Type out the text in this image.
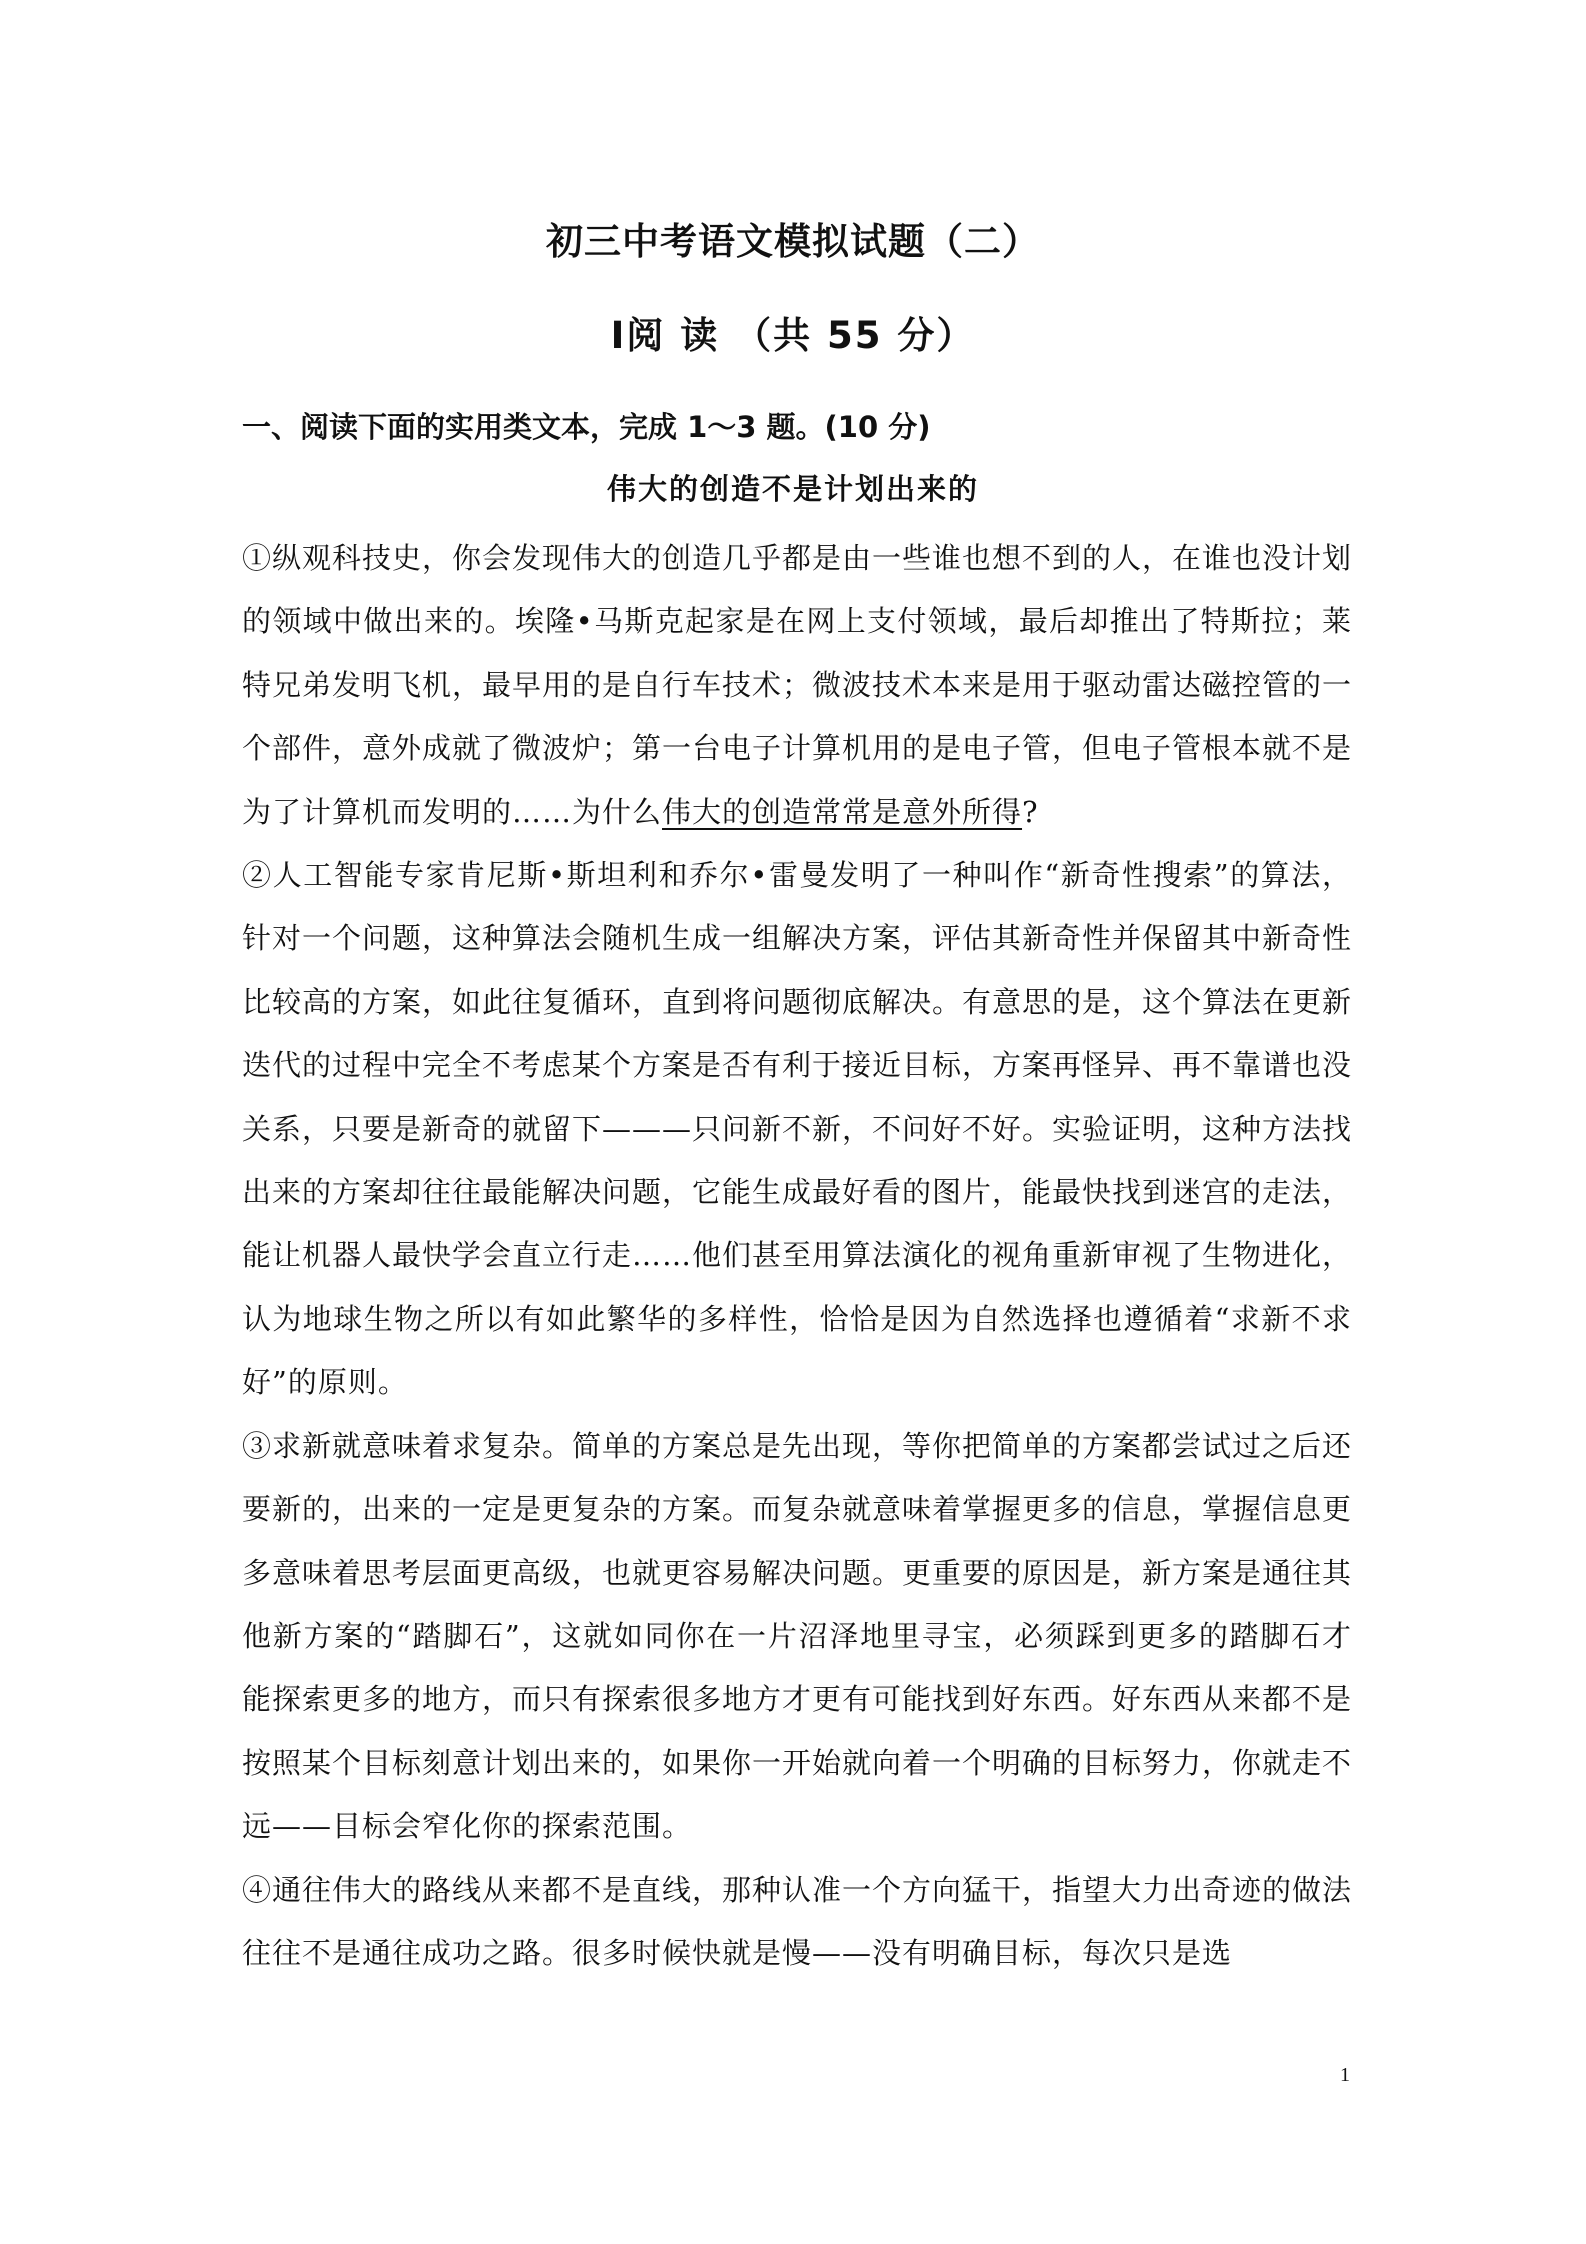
初三中考语文模拟试题（二）
Ⅰ阅 读 （共 55 分）
一、阅读下面的实用类文本，完成 1～3 题。(10 分)
伟大的创造不是计划出来的

①纵观科技史，你会发现伟大的创造几乎都是由一些谁也想不到的人，在谁也没计划的领域中做出来的。埃隆•马斯克起家是在网上支付领域，最后却推出了特斯拉；莱特兄弟发明飞机，最早用的是自行车技术；微波技术本来是用于驱动雷达磁控管的一个部件，意外成就了微波炉；第一台电子计算机用的是电子管，但电子管根本就不是为了计算机而发明的……为什么伟大的创造常常是意外所得?

②人工智能专家肯尼斯•斯坦利和乔尔•雷曼发明了一种叫作“新奇性搜索”的算法，针对一个问题，这种算法会随机生成一组解决方案，评估其新奇性并保留其中新奇性比较高的方案，如此往复循环，直到将问题彻底解决。有意思的是，这个算法在更新迭代的过程中完全不考虑某个方案是否有利于接近目标，方案再怪异、再不靠谱也没关系，只要是新奇的就留下———只问新不新，不问好不好。实验证明，这种方法找出来的方案却往往最能解决问题，它能生成最好看的图片，能最快找到迷宫的走法，能让机器人最快学会直立行走……他们甚至用算法演化的视角重新审视了生物进化，认为地球生物之所以有如此繁华的多样性，恰恰是因为自然选择也遵循着“求新不求好”的原则。

③求新就意味着求复杂。简单的方案总是先出现，等你把简单的方案都尝试过之后还要新的，出来的一定是更复杂的方案。而复杂就意味着掌握更多的信息，掌握信息更多意味着思考层面更高级，也就更容易解决问题。更重要的原因是，新方案是通往其他新方案的“踏脚石”，这就如同你在一片沼泽地里寻宝，必须踩到更多的踏脚石才能探索更多的地方，而只有探索很多地方才更有可能找到好东西。好东西从来都不是按照某个目标刻意计划出来的，如果你一开始就向着一个明确的目标努力，你就走不远——目标会窄化你的探索范围。

④通往伟大的路线从来都不是直线，那种认准一个方向猛干，指望大力出奇迹的做法往往不是通往成功之路。很多时候快就是慢——没有明确目标，每次只是选

1
